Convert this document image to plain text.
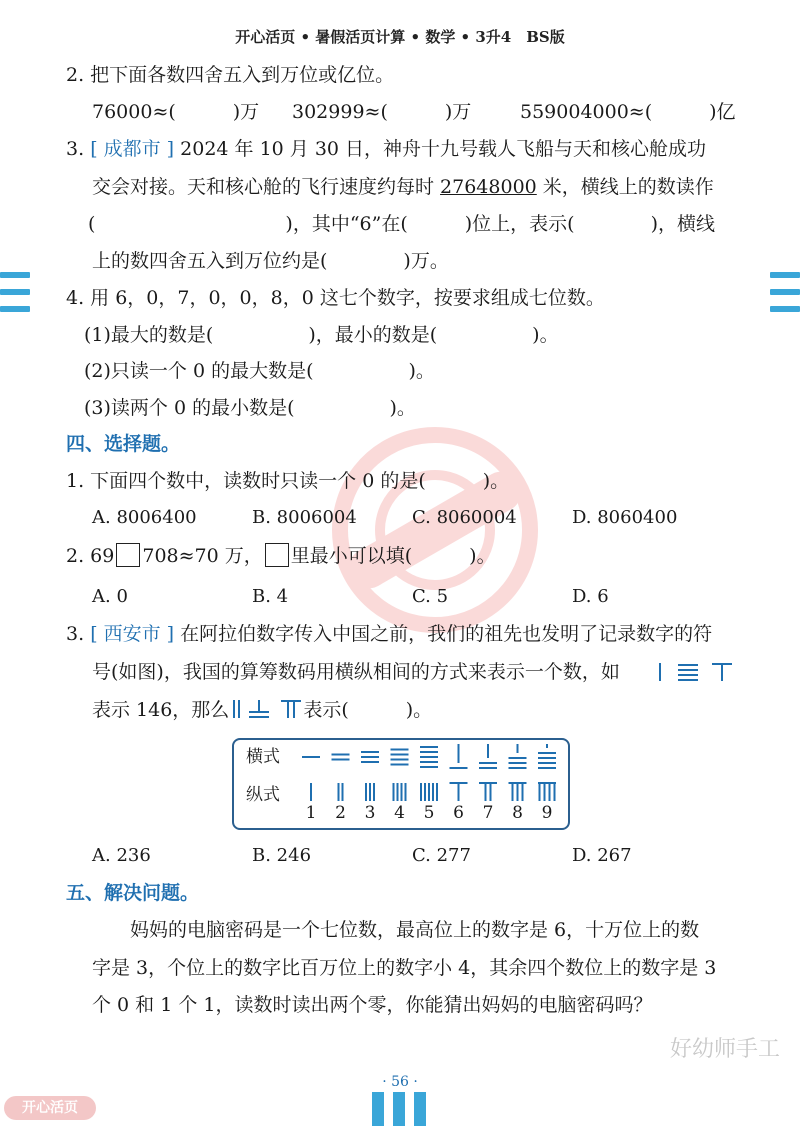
开心活页 • 暑假活页计算 • 数学 • 3升4　BS版
2. 把下面各数四舍五入到万位或亿位。
76000≈(　　　)万 302999≈(　　　)万	559004000≈(　　　)亿
3. [ 成都市 ] 2024 年 10 月 30 日，神舟十九号载人飞船与天和核心舱成功
交会对接。天和核心舱的飞行速度约每时 27648000 米，横线上的数读作
(　　　　　　　　　　)，其中“6”在(　　　)位上，表示(　　　　)，横线
上的数四舍五入到万位约是(　　　　)万。
4. 用 6，0，7，0，0，8，0 这七个数字，按要求组成七位数。
(1)最大的数是(　　　　　)，最小的数是(　　　　　)。
(2)只读一个 0 的最大数是(　　　　　)。
(3)读两个 0 的最小数是(　　　　　)。
四、选择题。
1. 下面四个数中，读数时只读一个 0 的是(　　　)。
A. 8006400	B. 8006004	C. 8060004	D. 8060400
2. 69 708≈70 万， 里最小可以填(　　　)。
A. 0	B. 4	C. 5	D. 6
3. [ 西安市 ] 在阿拉伯数字传入中国之前，我们的祖先也发明了记录数字的符
号(如图)，我国的算筹数码用横纵相间的方式来表示一个数，如
表示 146，那么	表示(　　　)。
横式
纵式
1 2 3 4 5 6 7 8 9
A. 236	B. 246	C. 277	D. 267
五、解决问题。
妈妈的电脑密码是一个七位数，最高位上的数字是 6，十万位上的数
字是 3，个位上的数字比百万位上的数字小 4，其余四个数位上的数字是 3
个 0 和 1 个 1，读数时读出两个零，你能猜出妈妈的电脑密码吗？
好幼师手工
· 56 ·
开心活页
